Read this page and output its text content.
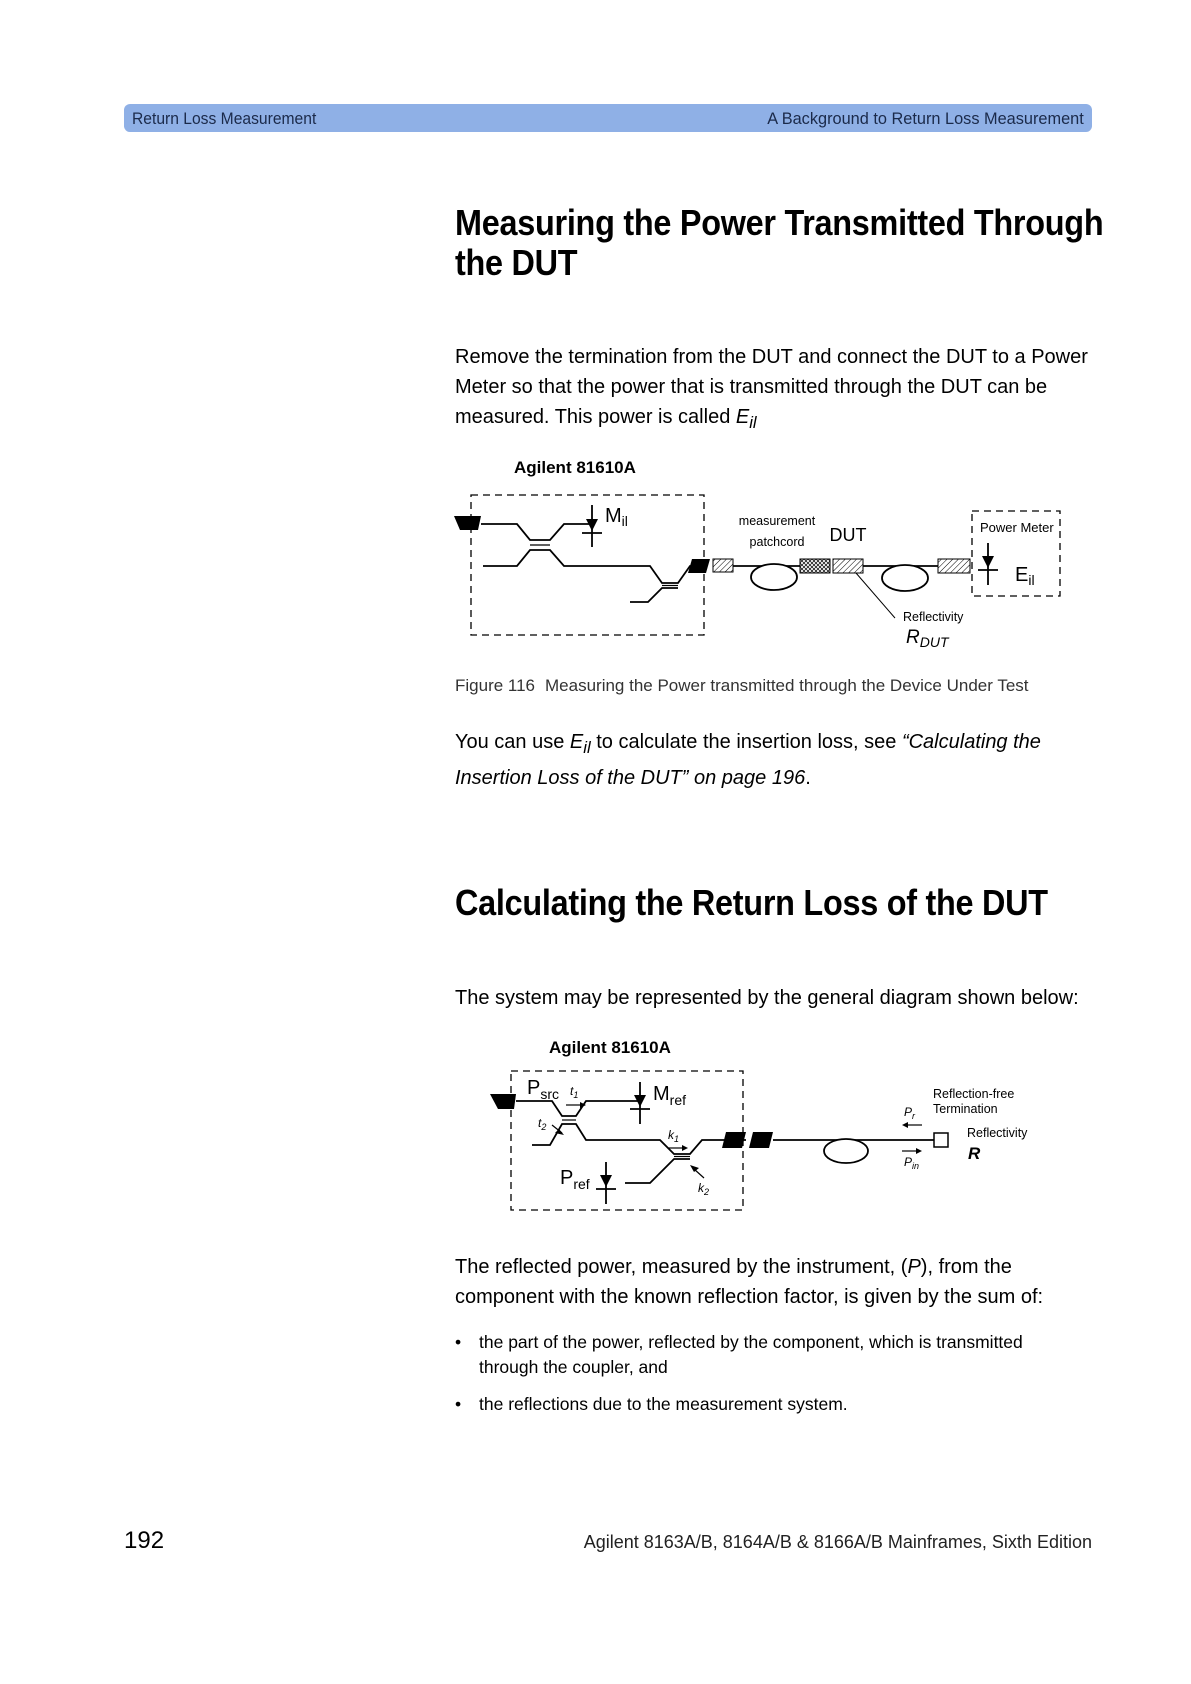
Return Loss Measurement	A Background to Return Loss Measurement
Measuring the Power Transmitted Through
the DUT

Remove the termination from the DUT and connect the DUT to a Power Meter so that the power that is transmitted through the DUT can be measured. This power is called $E_{il}$

Agilent 81610A
$M_{il}$	measurement
patchcord DUT
Reflectivity
$R_{DUT}$
Power Meter
$E_{il}$
Figure 116 Measuring the Power transmitted through the Device Under Test

You can use $E_{il}$ to calculate the insertion loss, see “Calculating the Insertion Loss of the DUT” on page 196.

Calculating the Return Loss of the DUT

The system may be represented by the general diagram shown below:

Agilent 81610A
$P_{src}$ $t_1$
$t_2$
$M_{ref}$
$k_1$
$k_2$
$P_{ref}$
$P_r$
$P_{in}$
Reflection-free
Termination
Reflectivity
R

The reflected power, measured by the instrument, (P), from the component with the known reflection factor, is given by the sum of:

• the part of the power, reflected by the component, which is transmitted through the coupler, and
• the reflections due to the measurement system.
192	Agilent 8163A/B, 8164A/B & 8166A/B Mainframes, Sixth Edition
